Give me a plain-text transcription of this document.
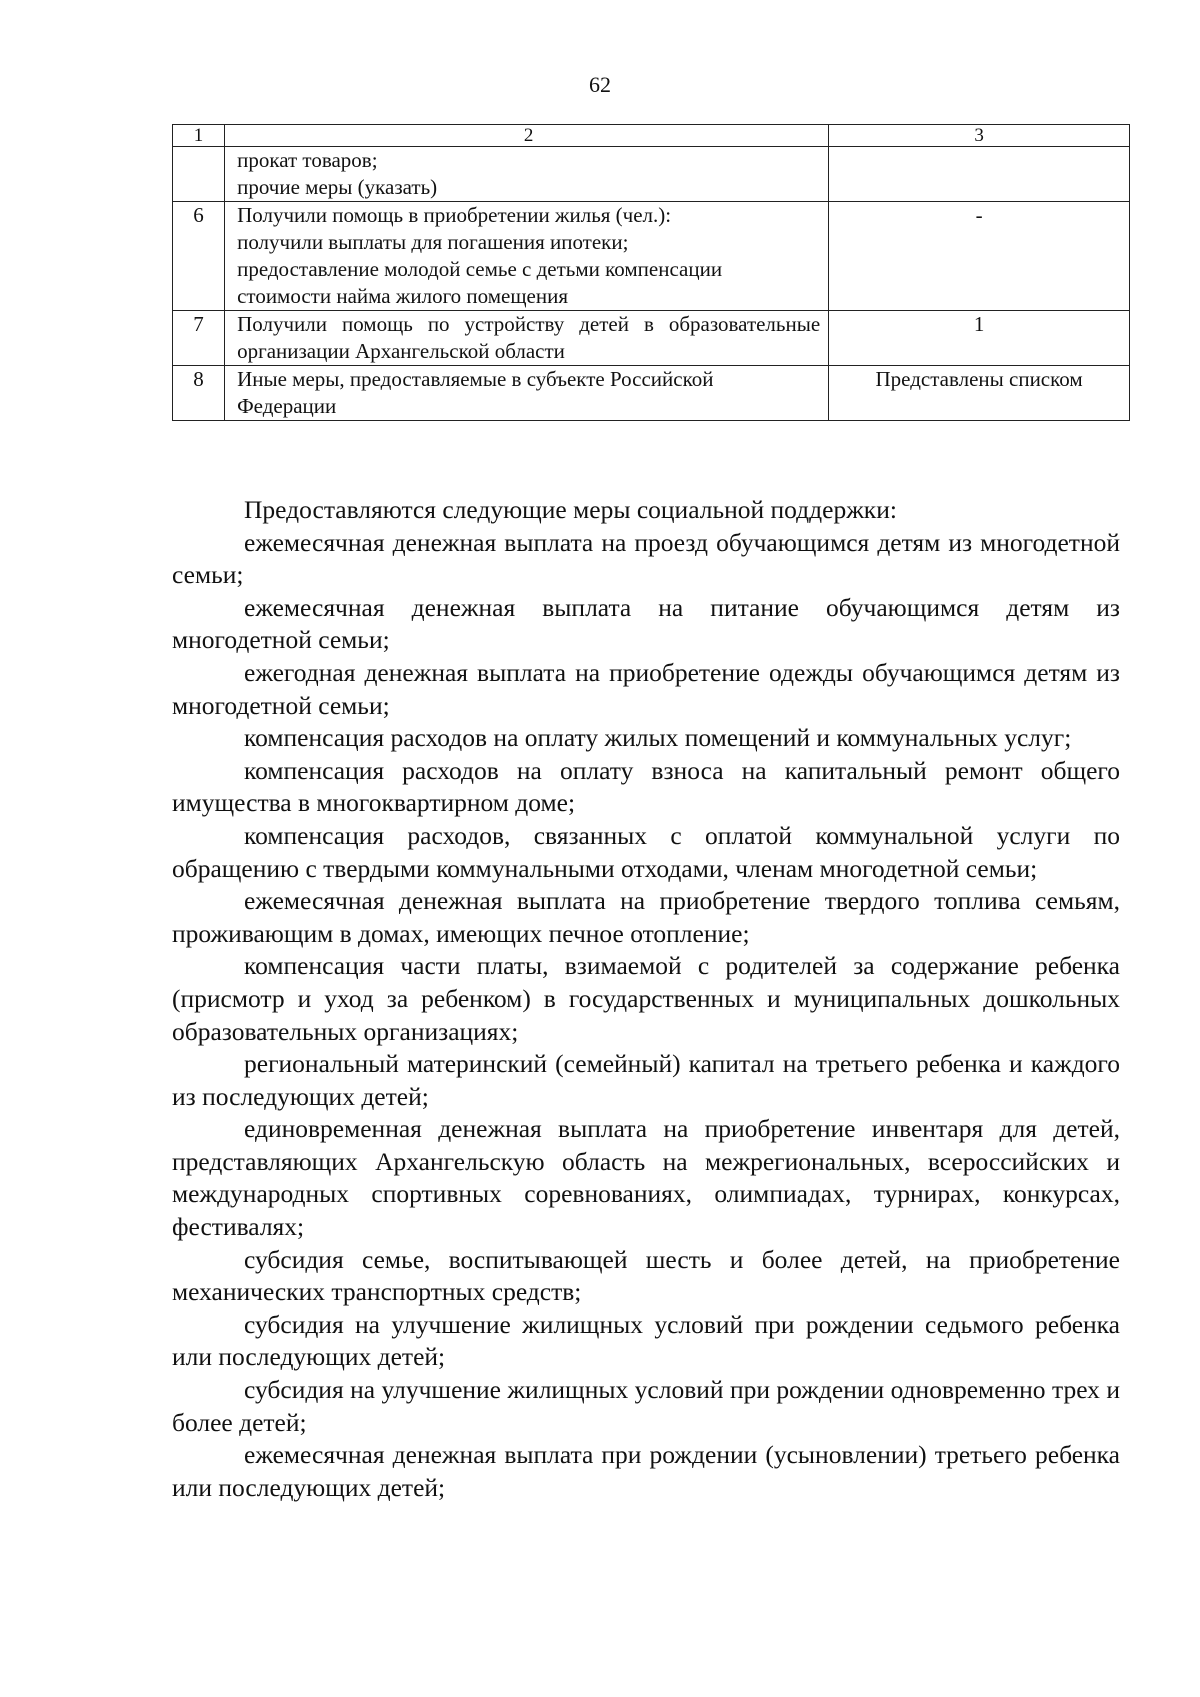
62
1	2	3

	прокат товаров;
прочие меры (указать)	

6	Получили помощь в приобретении жилья (чел.):
получили выплаты для погашения ипотеки;
предоставление молодой семье с детьми компенсации
стоимости найма жилого помещения	-
7	Получили помощь по устройству детей в образовательные
организации Архангельской области	1
8	Иные меры, предоставляемые в субъекте Российской
Федерации	Представлены списком
Предоставляются следующие меры социальной поддержки:

ежемесячная денежная выплата на проезд обучающимся детям из многодетной семьи;

ежемесячная денежная выплата на питание обучающимся детям из многодетной семьи;

ежегодная денежная выплата на приобретение одежды обучающимся детям из многодетной семьи;

компенсация расходов на оплату жилых помещений и коммунальных услуг;

компенсация расходов на оплату взноса на капитальный ремонт общего имущества в многоквартирном доме;

компенсация расходов, связанных с оплатой коммунальной услуги по обращению с твердыми коммунальными отходами, членам многодетной семьи;

ежемесячная денежная выплата на приобретение твердого топлива семьям, проживающим в домах, имеющих печное отопление;

компенсация части платы, взимаемой с родителей за содержание ребенка (присмотр и уход за ребенком) в государственных и муниципальных дошкольных образовательных организациях;

региональный материнский (семейный) капитал на третьего ребенка и каждого из последующих детей;

единовременная денежная выплата на приобретение инвентаря для детей, представляющих Архангельскую область на межрегиональных, всероссийских и международных спортивных соревнованиях, олимпиадах, турнирах, конкурсах, фестивалях;

субсидия семье, воспитывающей шесть и более детей, на приобретение механических транспортных средств;

субсидия на улучшение жилищных условий при рождении седьмого ребенка или последующих детей;

субсидия на улучшение жилищных условий при рождении одновременно трех и более детей;

ежемесячная денежная выплата при рождении (усыновлении) третьего ребенка или последующих детей;
